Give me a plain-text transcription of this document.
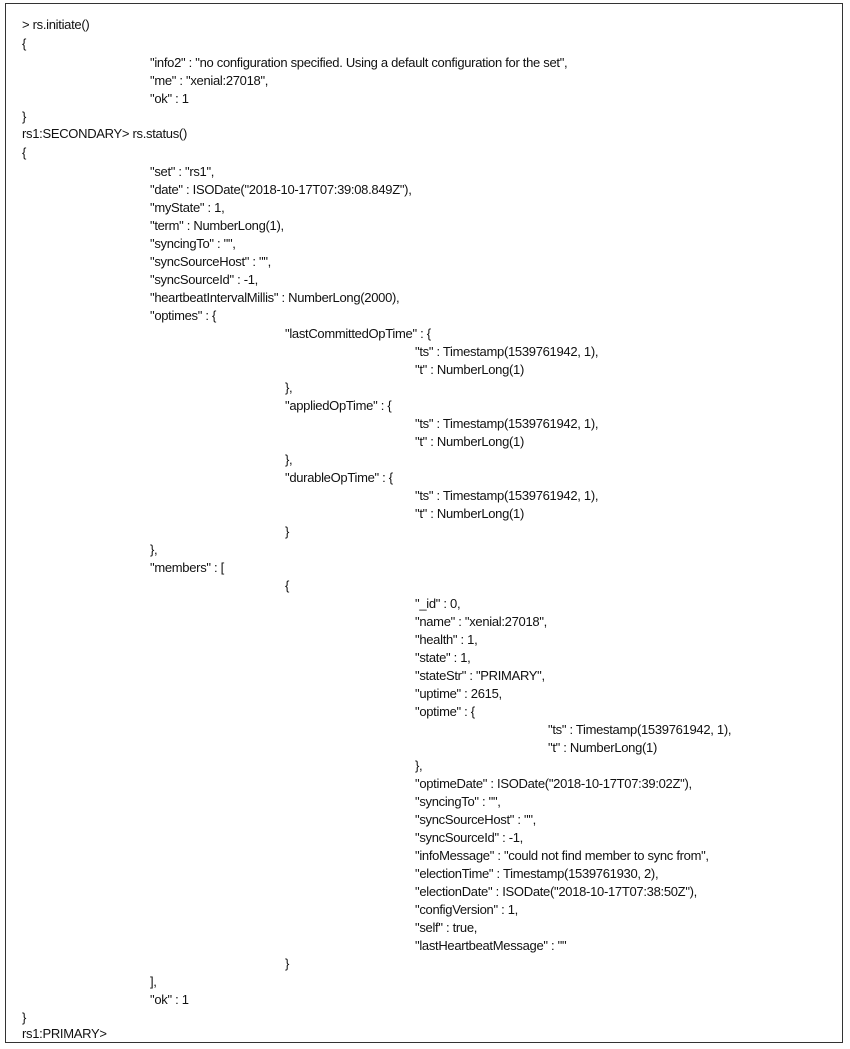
> rs.initiate()
{
"info2" : "no configuration specified. Using a default configuration for the set",
"me" : "xenial:27018",
"ok" : 1
}
rs1:SECONDARY> rs.status()
{
"set" : "rs1",
"date" : ISODate("2018-10-17T07:39:08.849Z"),
"myState" : 1,
"term" : NumberLong(1),
"syncingTo" : "",
"syncSourceHost" : "",
"syncSourceId" : -1,
"heartbeatIntervalMillis" : NumberLong(2000),
"optimes" : {
"lastCommittedOpTime" : {
"ts" : Timestamp(1539761942, 1),
"t" : NumberLong(1)
},
"appliedOpTime" : {
"ts" : Timestamp(1539761942, 1),
"t" : NumberLong(1)
},
"durableOpTime" : {
"ts" : Timestamp(1539761942, 1),
"t" : NumberLong(1)
}
},
"members" : [
{
"_id" : 0,
"name" : "xenial:27018",
"health" : 1,
"state" : 1,
"stateStr" : "PRIMARY",
"uptime" : 2615,
"optime" : {
"ts" : Timestamp(1539761942, 1),
"t" : NumberLong(1)
},
"optimeDate" : ISODate("2018-10-17T07:39:02Z"),
"syncingTo" : "",
"syncSourceHost" : "",
"syncSourceId" : -1,
"infoMessage" : "could not find member to sync from",
"electionTime" : Timestamp(1539761930, 2),
"electionDate" : ISODate("2018-10-17T07:38:50Z"),
"configVersion" : 1,
"self" : true,
"lastHeartbeatMessage" : ""
}
],
"ok" : 1
}
rs1:PRIMARY>
